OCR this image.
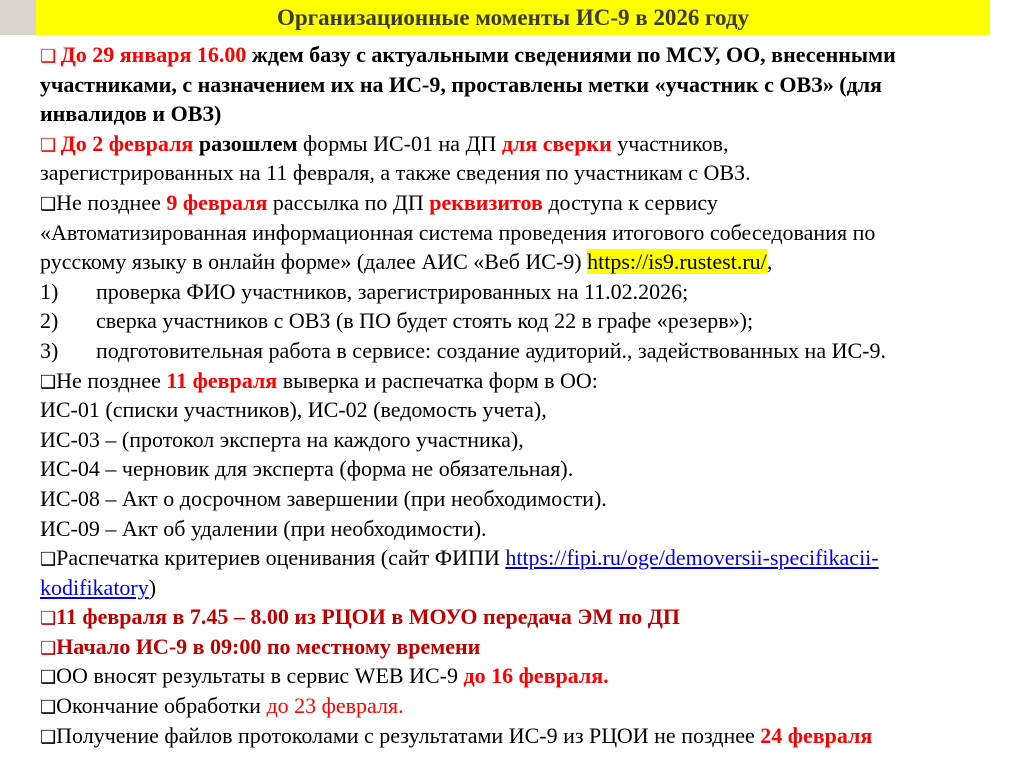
Организационные моменты ИС-9 в 2026 году
❑ До 29 января 16.00 ждем базу с актуальными сведениями по МСУ, ОО, внесенными
участниками, с назначением их на ИС-9, проставлены метки «участник с ОВЗ» (для
инвалидов и ОВЗ)
❑ До 2 февраля разошлем формы ИС-01 на ДП для сверки участников,
зарегистрированных на 11 февраля, а также сведения по участникам с ОВЗ.
❑Не позднее 9 февраля рассылка по ДП реквизитов доступа к сервису
«Автоматизированная информационная система проведения итогового собеседования по
русскому языку в онлайн форме» (далее АИС «Веб ИС-9) https://is9.rustest.ru/,
1) проверка ФИО участников, зарегистрированных на 11.02.2026;
2) сверка участников с ОВЗ (в ПО будет стоять код 22 в графе «резерв»);
3) подготовительная работа в сервисе: создание аудиторий., задействованных на ИС-9.
❑Не позднее 11 февраля выверка и распечатка форм в ОО:
ИС-01 (списки участников), ИС-02 (ведомость учета),
ИС-03 – (протокол эксперта на каждого участника),
ИС-04 – черновик для эксперта (форма не обязательная).
ИС-08 – Акт о досрочном завершении (при необходимости).
ИС-09 – Акт об удалении (при необходимости).
❑Распечатка критериев оценивания (сайт ФИПИ https://fipi.ru/oge/demoversii-specifikacii-
kodifikatory)
❑11 февраля в 7.45 – 8.00 из РЦОИ в МОУО передача ЭМ по ДП
❑Начало ИС-9 в 09:00 по местному времени
❑ОО вносят результаты в сервис WEB ИС-9 до 16 февраля.
❑Окончание обработки до 23 февраля.
❑Получение файлов протоколами с результатами ИС-9 из РЦОИ не позднее 24 февраля
